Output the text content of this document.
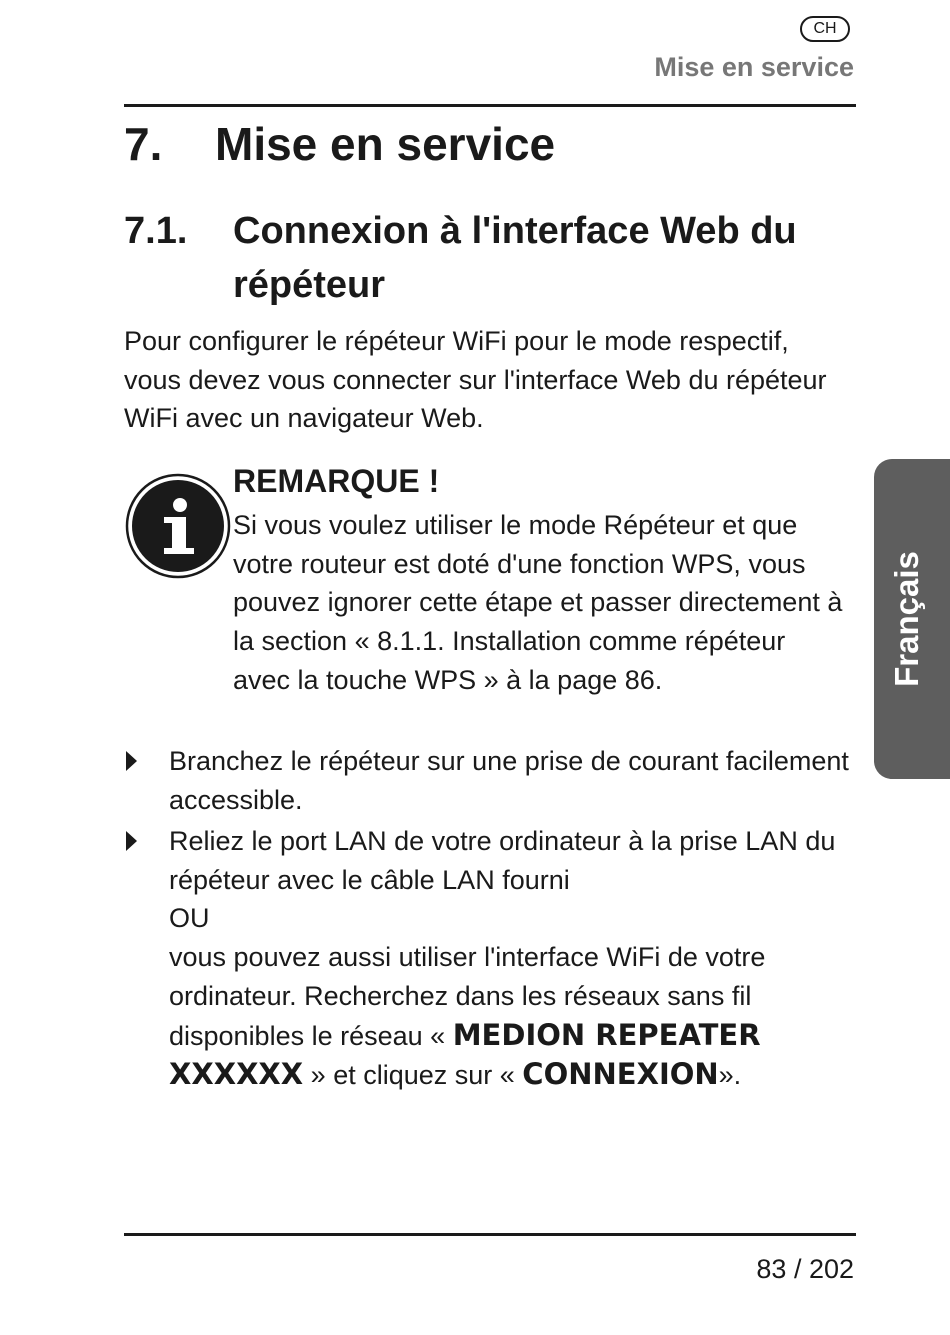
CH
Mise en service
7. Mise en service
7.1. Connexion à l'interface Web du répéteur
Pour configurer le répéteur WiFi pour le mode respectif, vous devez vous connecter sur l'interface Web du répéteur WiFi avec un navigateur Web.
REMARQUE !
Si vous voulez utiliser le mode Répéteur et que votre routeur est doté d'une fonction WPS, vous pouvez ignorer cette étape et passer directement à la section « 8.1.1. Installation comme répéteur avec la touche WPS » à la page 86.
Branchez le répéteur sur une prise de courant facilement accessible.
Reliez le port LAN de votre ordinateur à la prise LAN du répéteur avec le câble LAN fourni
OU
vous pouvez aussi utiliser l'interface WiFi de votre ordinateur. Recherchez dans les réseaux sans fil disponibles le réseau « MEDION REPEATER XXXXXX » et cliquez sur « CONNEXION».
Français
83 / 202
